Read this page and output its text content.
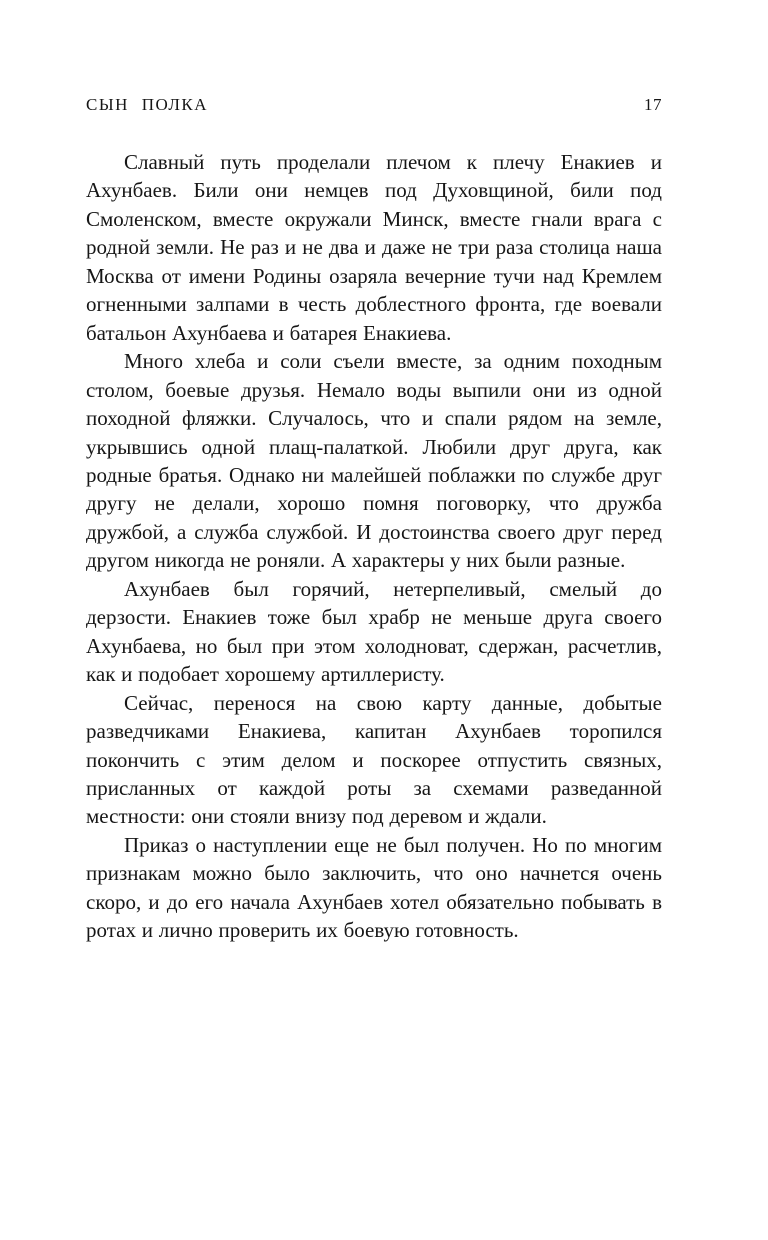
СЫН ПОЛКА	17

Славный путь проделали плечом к плечу Енакиев и Ахунбаев. Били они немцев под Духовщиной, били под Смоленском, вместе окружали Минск, вместе гнали врага с родной земли. Не раз и не два и даже не три раза столица наша Москва от имени Родины озаряла вечерние тучи над Кремлем огненными залпами в честь доблестного фронта, где воевали батальон Ахунбаева и батарея Енакиева.

Много хлеба и соли съели вместе, за одним походным столом, боевые друзья. Немало воды выпили они из одной походной фляжки. Случалось, что и спали рядом на земле, укрывшись одной плащ-палаткой. Любили друг друга, как родные братья. Однако ни малейшей поблажки по службе друг другу не делали, хорошо помня поговорку, что дружба дружбой, а служба службой. И достоинства своего друг перед другом никогда не роняли. А характеры у них были разные.

Ахунбаев был горячий, нетерпеливый, смелый до дерзости. Енакиев тоже был храбр не меньше друга своего Ахунбаева, но был при этом холодноват, сдержан, расчетлив, как и подобает хорошему артиллеристу.

Сейчас, перенося на свою карту данные, добытые разведчиками Енакиева, капитан Ахунбаев торопился покончить с этим делом и поскорее отпустить связных, присланных от каждой роты за схемами разведанной местности: они стояли внизу под деревом и ждали.

Приказ о наступлении еще не был получен. Но по многим признакам можно было заключить, что оно начнется очень скоро, и до его начала Ахунбаев хотел обязательно побывать в ротах и лично проверить их боевую готовность.
